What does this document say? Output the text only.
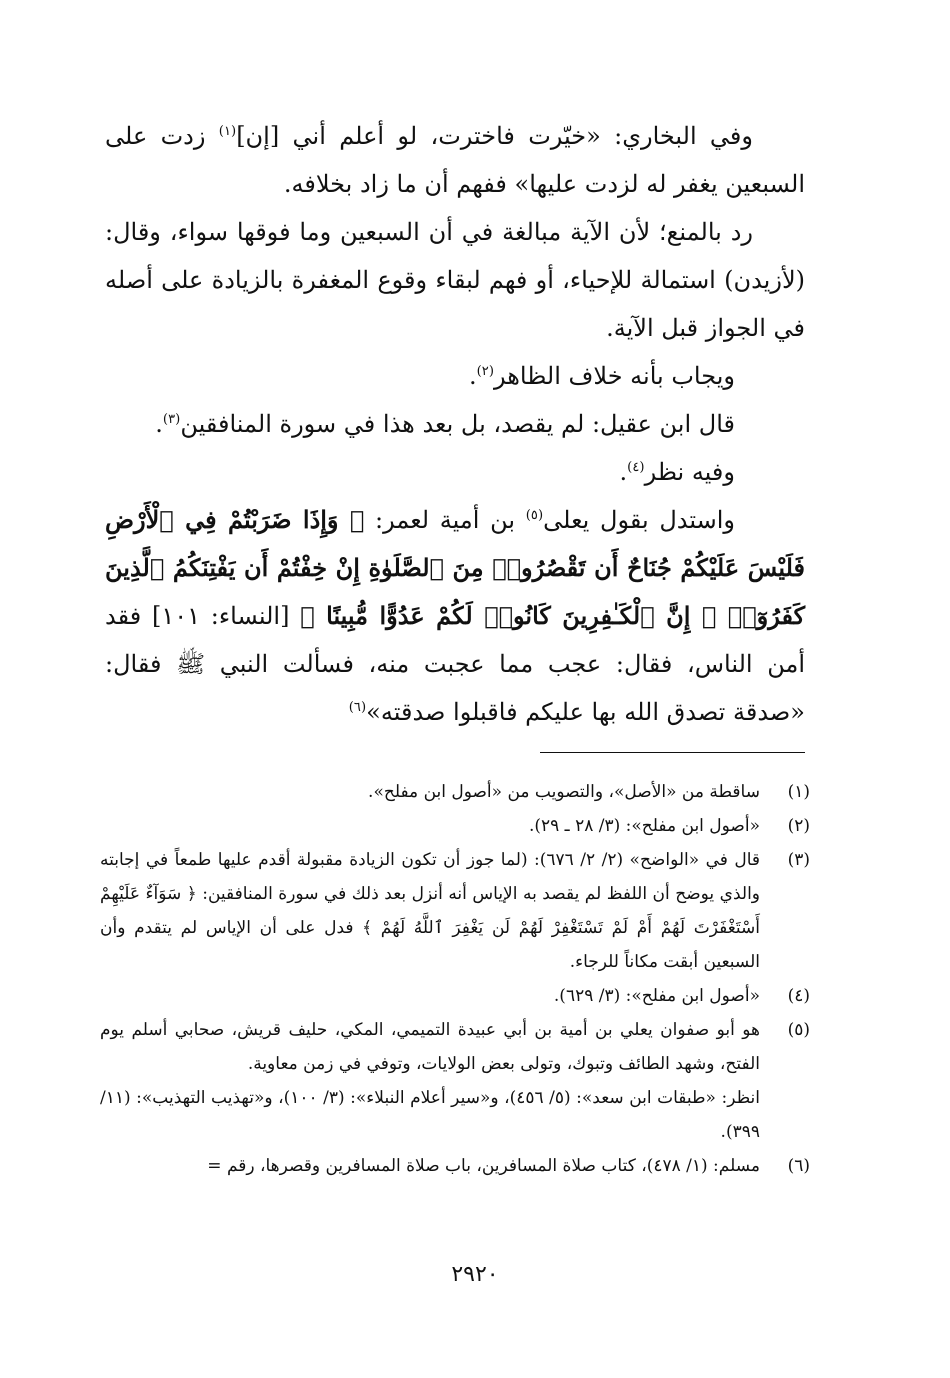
وفي البخاري: «خيّرت فاخترت، لو أعلم أني [إن]$^{(١)}$ زدت على السبعين يغفر له لزدت عليها» ففهم أن ما زاد بخلافه.

رد بالمنع؛ لأن الآية مبالغة في أن السبعين وما فوقها سواء، وقال: (لأزيدن) استمالة للإحياء، أو فهم لبقاء وقوع المغفرة بالزيادة على أصله في الجواز قبل الآية.

ويجاب بأنه خلاف الظاهر$^{(٢)}$.

قال ابن عقيل: لم يقصد، بل بعد هذا في سورة المنافقين$^{(٣)}$.

وفيه نظر$^{(٤)}$.

واستدل بقول يعلى$^{(٥)}$ بن أمية لعمر: ﴿ وَإِذَا ضَرَبْتُمْ فِي ٱلْأَرْضِ فَلَيْسَ عَلَيْكُمْ جُنَاحٌ أَن تَقْصُرُوا۟ مِنَ ٱلصَّلَوٰةِ إِنْ خِفْتُمْ أَن يَفْتِنَكُمُ ٱلَّذِينَ كَفَرُوٓا۟ ۚ إِنَّ ٱلْكَـٰفِرِينَ كَانُوا۟ لَكُمْ عَدُوًّا مُّبِينًا ﴾ [النساء: ١٠١] فقد أمن الناس، فقال: عجب مما عجبت منه، فسألت النبي ﷺ فقال: «صدقة تصدق الله بها عليكم فاقبلوا صدقته»$^{(٦)}$

(١)

ساقطة من «الأصل»، والتصويب من «أصول ابن مفلح».

(٢)

«أصول ابن مفلح»: (٣/ ٢٨ ـ ٢٩).

(٣)

قال في «الواضح» (٢/ ٢/ ٦٧٦): (لما جوز أن تكون الزيادة مقبولة أقدم عليها طمعاً في إجابته والذي يوضح أن اللفظ لم يقصد به الإياس أنه أنزل بعد ذلك في سورة المنافقين: ﴿ سَوَآءٌ عَلَيْهِمْ أَسْتَغْفَرْتَ لَهُمْ أَمْ لَمْ تَسْتَغْفِرْ لَهُمْ لَن يَغْفِرَ ٱللَّهُ لَهُمْ ﴾ فدل على أن الإياس لم يتقدم وأن السبعين أبقت مكاناً للرجاء.

(٤)

«أصول ابن مفلح»: (٣/ ٦٢٩).

(٥)

هو أبو صفوان يعلي بن أمية بن أبي عبيدة التميمي، المكي، حليف قريش، صحابي أسلم يوم الفتح، وشهد الطائف وتبوك، وتولى بعض الولايات، وتوفي في زمن معاوية.

انظر: «طبقات ابن سعد»: (٥/ ٤٥٦)، و«سير أعلام النبلاء»: (٣/ ١٠٠)، و«تهذيب التهذيب»: (١١/ ٣٩٩).

(٦)

مسلم: (١/ ٤٧٨)، كتاب صلاة المسافرين، باب صلاة المسافرين وقصرها، رقم =

٢٩٢٠
